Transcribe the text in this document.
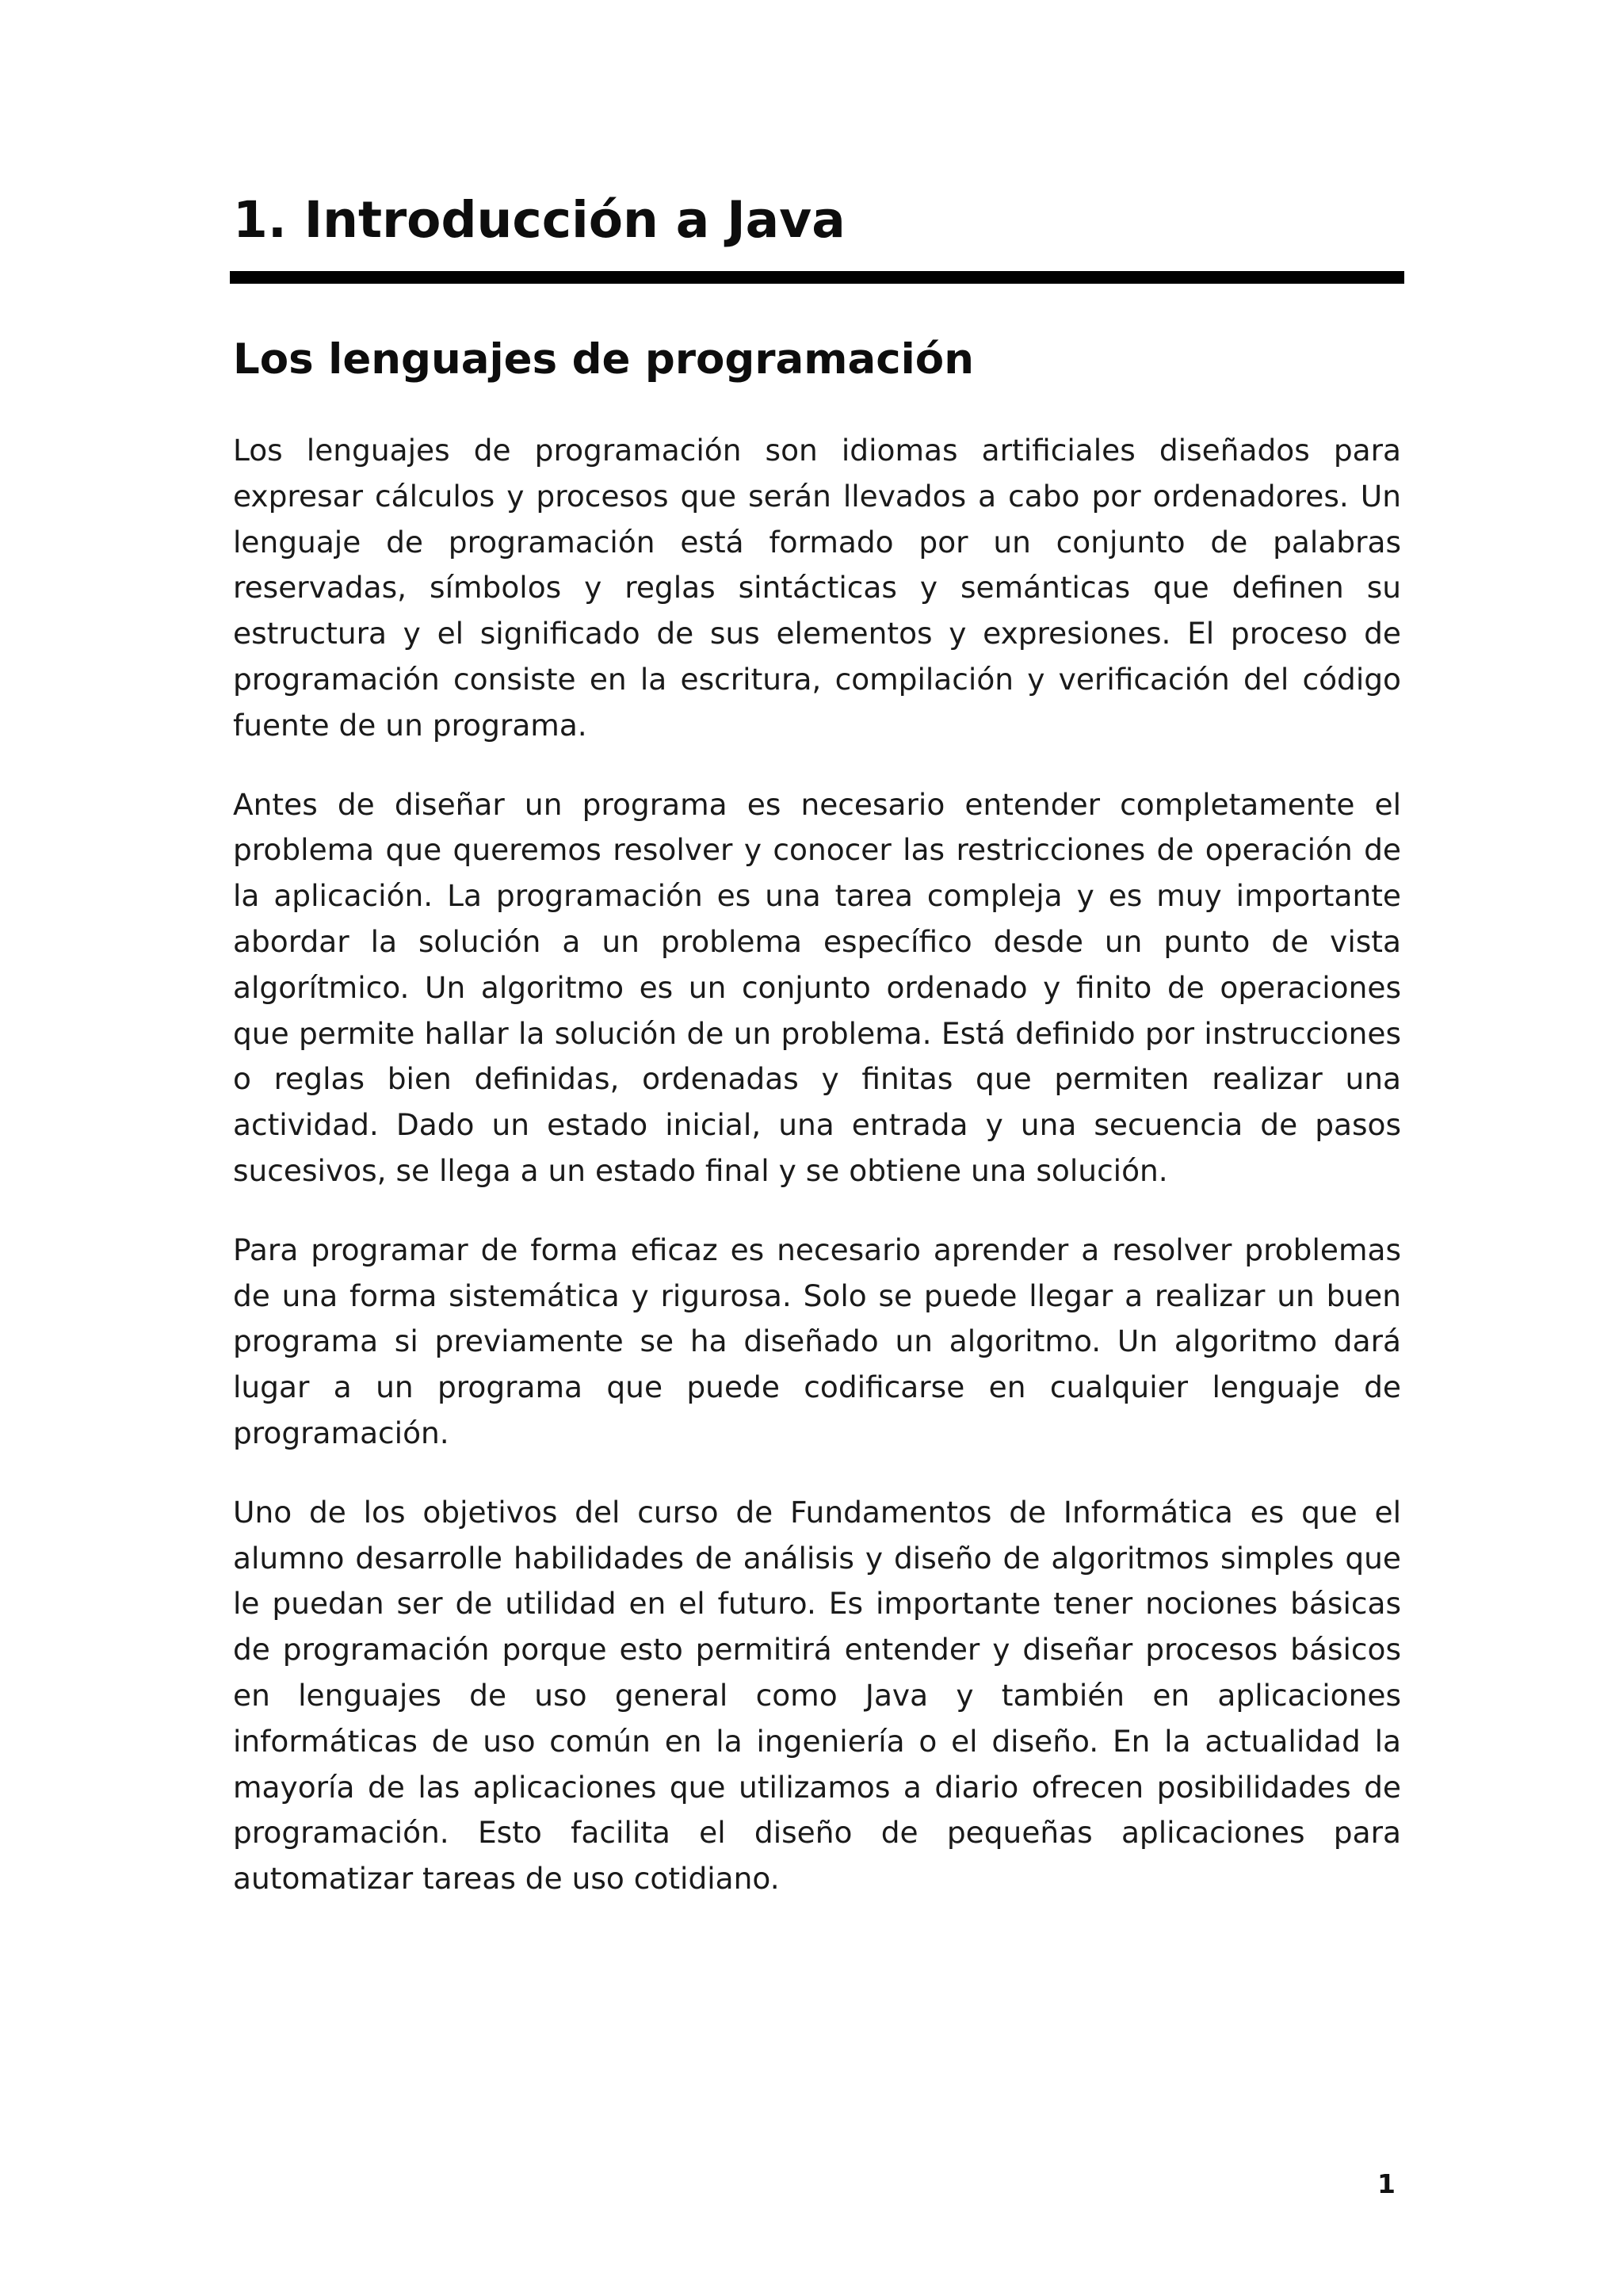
1. Introducción a Java
Los lenguajes de programación

Los lenguajes de programación son idiomas artificiales diseñados para expresar cálculos y procesos que serán llevados a cabo por ordenadores. Un lenguaje de programación está formado por un conjunto de palabras reservadas, símbolos y reglas sintácticas y semánticas que definen su estructura y el significado de sus elementos y expresiones. El proceso de programación consiste en la escritura, compilación y verificación del código fuente de un programa.

Antes de diseñar un programa es necesario entender completamente el problema que queremos resolver y conocer las restricciones de operación de la aplicación. La programación es una tarea compleja y es muy importante abordar la solución a un problema específico desde un punto de vista algorítmico. Un algoritmo es un conjunto ordenado y finito de operaciones que permite hallar la solución de un problema. Está definido por instrucciones o reglas bien definidas, ordenadas y finitas que permiten realizar una actividad. Dado un estado inicial, una entrada y una secuencia de pasos sucesivos, se llega a un estado final y se obtiene una solución.

Para programar de forma eficaz es necesario aprender a resolver problemas de una forma sistemática y rigurosa. Solo se puede llegar a realizar un buen programa si previamente se ha diseñado un algoritmo. Un algoritmo dará lugar a un programa que puede codificarse en cualquier lenguaje de programación.

Uno de los objetivos del curso de Fundamentos de Informática es que el alumno desarrolle habilidades de análisis y diseño de algoritmos simples que le puedan ser de utilidad en el futuro. Es importante tener nociones básicas de programación porque esto permitirá entender y diseñar procesos básicos en lenguajes de uso general como Java y también en aplicaciones informáticas de uso común en la ingeniería o el diseño. En la actualidad la mayoría de las aplicaciones que utilizamos a diario ofrecen posibilidades de programación. Esto facilita el diseño de pequeñas aplicaciones para automatizar tareas de uso cotidiano.

1
